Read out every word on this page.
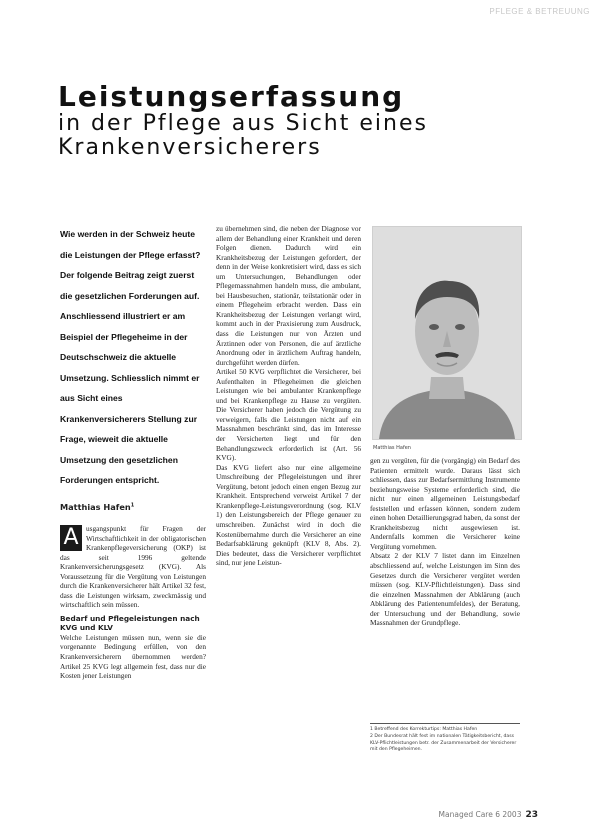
PFLEGE & BETREUUNG
Leistungserfassung
in der Pflege aus Sicht eines
Krankenversicherers
Wie werden in der Schweiz heute die Leistungen der Pflege erfasst? Der folgende Beitrag zeigt zuerst die gesetzlichen Forderungen auf. Anschliessend illustriert er am Beispiel der Pflegeheime in der Deutschschweiz die aktuelle Umsetzung. Schliesslich nimmt er aus Sicht eines Krankenversicherers Stellung zur Frage, wieweit die aktuelle Umsetzung den gesetzlichen Forderungen entspricht.
Matthias Hafen$^1$

A	usgangspunkt für Fragen der Wirtschaftlichkeit in der obligatorischen Krankenpflegeversicherung (OKP) ist das seit 1996 geltende Krankenversicherungsgesetz (KVG). Als Voraussetzung für die Vergütung von Leistungen durch die Krankenversicherer hält Artikel 32 fest, dass die Leistungen wirksam, zweckmässig und wirtschaftlich sein müssen.

Bedarf und Pflegeleistungen nach KVG und KLV

Welche Leistungen müssen nun, wenn sie die vorgenannte Bedingung erfüllen, von den Krankenversicherern übernommen werden? Artikel 25 KVG legt allgemein fest, dass nur die Kosten jener Leistungen

zu übernehmen sind, die neben der Diagnose vor allem der Behandlung einer Krankheit und deren Folgen dienen. Dadurch wird ein Krankheitsbezug der Leistungen gefordert, der denn in der Weise konkretisiert wird, dass es sich um Untersuchungen, Behandlungen oder Pflegemassnahmen handeln muss, die ambulant, bei Hausbesuchen, stationär, teilstationär oder in einem Pflegeheim erbracht werden. Dass ein Krankheitsbezug der Leistungen verlangt wird, kommt auch in der Praxisierung zum Ausdruck, dass die Leistungen nur von Ärzten und Ärztinnen oder von Personen, die auf ärztliche Anordnung oder in ärztlichem Auftrag handeln, durchgeführt werden dürfen.

Artikel 50 KVG verpflichtet die Versicherer, bei Aufenthalten in Pflegeheimen die gleichen Leistungen wie bei ambulanter Krankenpflege und bei Krankenpflege zu Hause zu vergüten. Die Versicherer haben jedoch die Vergütung zu verweigern, falls die Leistungen nicht auf ein Massnahmen beschränkt sind, das im Interesse der Versicherten liegt und für den Behandlungszweck erforderlich ist (Art. 56 KVG).

Das KVG liefert also nur eine allgemeine Umschreibung der Pflegeleistungen und ihrer Vergütung, betont jedoch einen engen Bezug zur Krankheit. Entsprechend verweist Artikel 7 der Krankenpflege-Leistungsverordnung (sog. KLV 1) den Leistungsbereich der Pflege genauer zu umschreiben. Zunächst wird in doch die Kostenübernahme durch die Versicherer an eine Bedarfsabklärung geknüpft (KLV 8, Abs. 2). Dies bedeutet, dass die Versicherer verpflichtet sind, nur jene Leistun-

Matthias Hafen

gen zu vergüten, für die (vorgängig) ein Bedarf des Patienten ermittelt wurde. Daraus lässt sich schliessen, dass zur Bedarfsermittlung Instrumente beziehungsweise Systeme erforderlich sind, die nicht nur einen allgemeinen Leistungsbedarf feststellen und erfassen können, sondern zudem einen hohen Detaillierungsgrad haben, da sonst der Krankheitsbezug nicht ausgewiesen ist. Andernfalls kommen die Versicherer keine Vergütung vornehmen.

Absatz 2 der KLV 7 listet dann im Einzelnen abschliessend auf, welche Leistungen im Sinn des Gesetzes durch die Versicherer vergütet werden müssen (sog. KLV-Pflichtleistungen). Dass sind die einzelnen Massnahmen der Abklärung (auch Abklärung des Patientenumfeldes), der Beratung, der Untersuchung und der Behandlung, sowie Massnahmen der Grundpflege.

1 Betreffend des Korrekturtips: Matthias Hafen
2 Der Bundesrat hält fest im nationalen Tätigkeitsbericht, dass KLV-Pflichtleistungen betr. der Zusammenarbeit der Versicherer mit den Pflegeheimen.
Managed Care 6 2003 23
